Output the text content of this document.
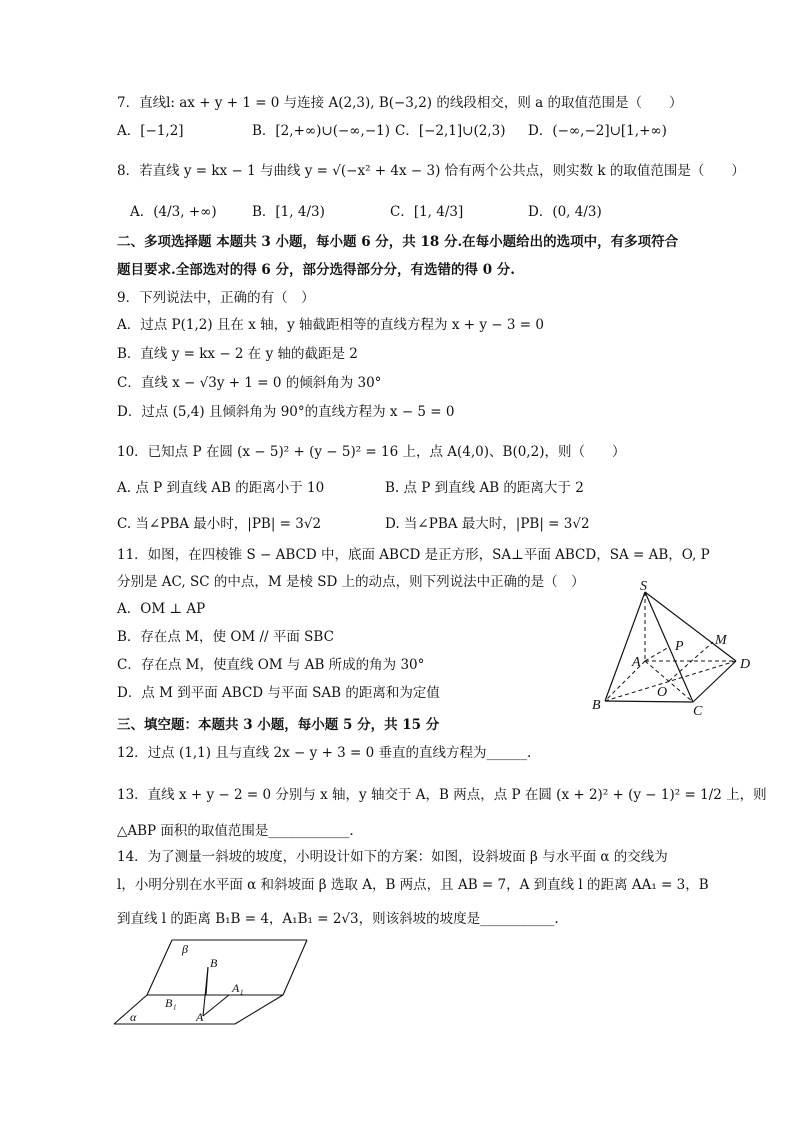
7．直线l: ax + y + 1 = 0 与连接 A(2,3), B(−3,2) 的线段相交，则 a 的取值范围是（　　）
A．[−1,2]	B．[2,+∞)∪(−∞,−1) C．[−2,1]∪(2,3) D．(−∞,−2]∪[1,+∞)
8．若直线 y = kx − 1 与曲线 y = √(−x² + 4x − 3) 恰有两个公共点，则实数 k 的取值范围是（　　）
A．(4/3, +∞)	B．[1, 4/3)	C．[1, 4/3]	D．(0, 4/3)
二、多项选择题 本题共 3 小题，每小题 6 分，共 18 分.在每小题给出的选项中，有多项符合
题目要求.全部选对的得 6 分，部分选得部分分，有选错的得 0 分.
9．下列说法中，正确的有（　）
A．过点 P(1,2) 且在 x 轴，y 轴截距相等的直线方程为 x + y − 3 = 0
B．直线 y = kx − 2 在 y 轴的截距是 2
C．直线 x − √3y + 1 = 0 的倾斜角为 30°
D．过点 (5,4) 且倾斜角为 90°的直线方程为 x − 5 = 0
10．已知点 P 在圆 (x − 5)² + (y − 5)² = 16 上，点 A(4,0)、B(0,2)，则（　　）
A. 点 P 到直线 AB 的距离小于 10	B. 点 P 到直线 AB 的距离大于 2
C. 当∠PBA 最小时，|PB| = 3√2	D. 当∠PBA 最大时，|PB| = 3√2
11．如图，在四棱锥 S − ABCD 中，底面 ABCD 是正方形，SA⊥平面 ABCD，SA = AB，O, P
分别是 AC, SC 的中点，M 是棱 SD 上的动点，则下列说法中正确的是（　）
A．OM ⊥ AP
B．存在点 M，使 OM // 平面 SBC
C．存在点 M，使直线 OM 与 AB 所成的角为 30°
D．点 M 到平面 ABCD 与平面 SAB 的距离和为定值
S
A
B	C
D
P M
O
三、填空题：本题共 3 小题，每小题 5 分，共 15 分
12．过点 (1,1) 且与直线 2x − y + 3 = 0 垂直的直线方程为______.
13．直线 x + y − 2 = 0 分别与 x 轴，y 轴交于 A，B 两点，点 P 在圆 (x + 2)² + (y − 1)² = 1/2 上，则
△ABP 面积的取值范围是____________.
14．为了测量一斜坡的坡度，小明设计如下的方案：如图，设斜坡面 β 与水平面 α 的交线为
l，小明分别在水平面 α 和斜坡面 β 选取 A，B 两点，且 AB = 7，A 到直线 l 的距离 AA₁ = 3，B
到直线 l 的距离 B₁B = 4，A₁B₁ = 2√3，则该斜坡的坡度是___________.
β
α
B
A
A₁
B₁
